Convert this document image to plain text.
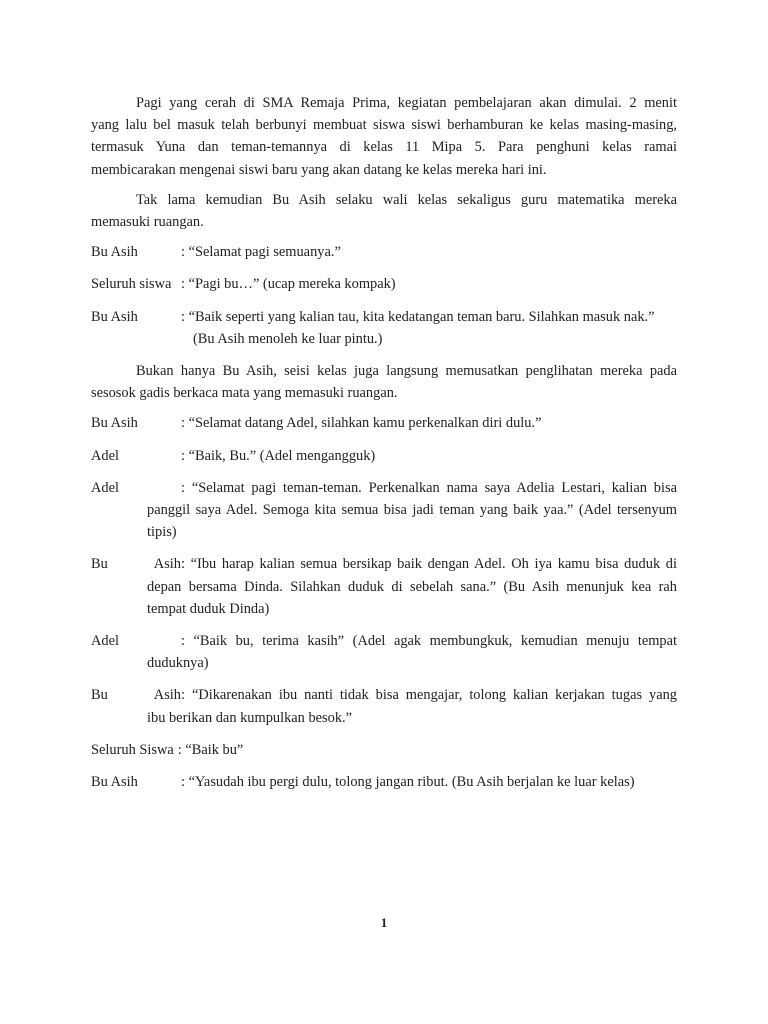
Pagi yang cerah di SMA Remaja Prima, kegiatan pembelajaran akan dimulai. 2 menit
yang lalu bel masuk telah berbunyi membuat siswa siswi berhamburan ke kelas masing-masing,
termasuk Yuna dan teman-temannya di kelas 11 Mipa 5. Para penghuni kelas ramai
membicarakan mengenai siswi baru yang akan datang ke kelas mereka hari ini.

Tak lama kemudian Bu Asih selaku wali kelas sekaligus guru matematika mereka
memasuki ruangan.

Bu Asih	: “Selamat pagi semuanya.”
Seluruh siswa : “Pagi bu…” (ucap mereka kompak)
Bu Asih	: “Baik seperti yang kalian tau, kita kedatangan teman baru. Silahkan masuk nak.”
(Bu Asih menoleh ke luar pintu.)

Bukan hanya Bu Asih, seisi kelas juga langsung memusatkan penglihatan mereka pada
sesosok gadis berkaca mata yang memasuki ruangan.

Bu Asih	: “Selamat datang Adel, silahkan kamu perkenalkan diri dulu.”
Adel	: “Baik, Bu.” (Adel mengangguk)
Adel	: “Selamat pagi teman-teman. Perkenalkan nama saya Adelia Lestari, kalian bisa
panggil saya Adel. Semoga kita semua bisa jadi teman yang baik yaa.” (Adel tersenyum
tipis)
Bu Asih: “Ibu harap kalian semua bersikap baik dengan Adel. Oh iya kamu bisa duduk di
depan bersama Dinda. Silahkan duduk di sebelah sana.” (Bu Asih menunjuk kea rah
tempat duduk Dinda)
Adel	: “Baik bu, terima kasih” (Adel agak membungkuk, kemudian menuju tempat
duduknya)
Bu Asih: “Dikarenakan ibu nanti tidak bisa mengajar, tolong kalian kerjakan tugas yang
ibu berikan dan kumpulkan besok.”
Seluruh Siswa : “Baik bu”
Bu Asih	: “Yasudah ibu pergi dulu, tolong jangan ribut. (Bu Asih berjalan ke luar kelas)
1
